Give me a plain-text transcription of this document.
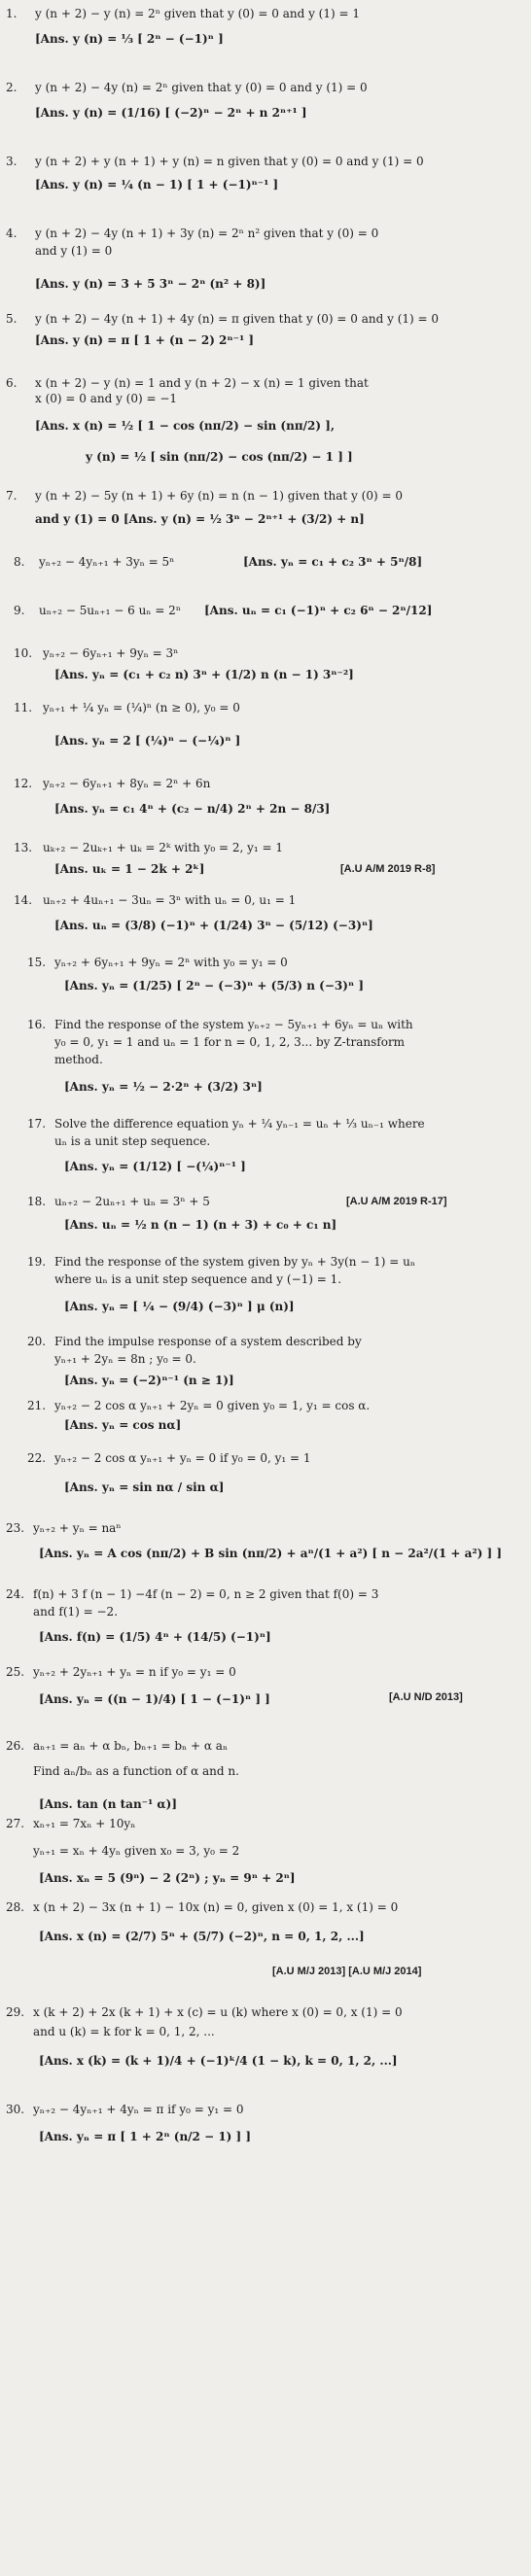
1. y (n + 2) − y (n) = 2ⁿ given that y (0) = 0 and y (1) = 1
[Ans. y (n) = ⅓ [ 2ⁿ − (−1)ⁿ ]
2. y (n + 2) − 4y (n) = 2ⁿ given that y (0) = 0 and y (1) = 0
[Ans. y (n) = (1/16) [ (−2)ⁿ − 2ⁿ + n 2ⁿ⁺¹ ]
3. y (n + 2) + y (n + 1) + y (n) = n given that y (0) = 0 and y (1) = 0
[Ans. y (n) = ¼ (n − 1) [ 1 + (−1)ⁿ⁻¹ ]
4. y (n + 2) − 4y (n + 1) + 3y (n) = 2ⁿ n² given that y (0) = 0
and y (1) = 0
[Ans. y (n) = 3 + 5 3ⁿ − 2ⁿ (n² + 8)]
5. y (n + 2) − 4y (n + 1) + 4y (n) = π given that y (0) = 0 and y (1) = 0
[Ans. y (n) = π [ 1 + (n − 2) 2ⁿ⁻¹ ]
6. x (n + 2) − y (n) = 1 and y (n + 2) − x (n) = 1 given that
x (0) = 0 and y (0) = −1
[Ans. x (n) = ½ [ 1 − cos (nπ/2) − sin (nπ/2) ],
y (n) = ½ [ sin (nπ/2) − cos (nπ/2) − 1 ] ]
7. y (n + 2) − 5y (n + 1) + 6y (n) = n (n − 1) given that y (0) = 0
and y (1) = 0 [Ans. y (n) = ½ 3ⁿ − 2ⁿ⁺¹ + (3/2) + n]
8. yₙ₊₂ − 4yₙ₊₁ + 3yₙ = 5ⁿ	[Ans. yₙ = c₁ + c₂ 3ⁿ + 5ⁿ/8]
9. uₙ₊₂ − 5uₙ₊₁ − 6 uₙ = 2ⁿ [Ans. uₙ = c₁ (−1)ⁿ + c₂ 6ⁿ − 2ⁿ/12]
10. yₙ₊₂ − 6yₙ₊₁ + 9yₙ = 3ⁿ
[Ans. yₙ = (c₁ + c₂ n) 3ⁿ + (1/2) n (n − 1) 3ⁿ⁻²]
11. yₙ₊₁ + ¼ yₙ = (¼)ⁿ (n ≥ 0), y₀ = 0
[Ans. yₙ = 2 [ (¼)ⁿ − (−¼)ⁿ ]
12. yₙ₊₂ − 6yₙ₊₁ + 8yₙ = 2ⁿ + 6n
[Ans. yₙ = c₁ 4ⁿ + (c₂ − n/4) 2ⁿ + 2n − 8/3]
13. uₖ₊₂ − 2uₖ₊₁ + uₖ = 2ᵏ with y₀ = 2, y₁ = 1
[Ans. uₖ = 1 − 2k + 2ᵏ]	[A.U A/M 2019 R-8]
14. uₙ₊₂ + 4uₙ₊₁ − 3uₙ = 3ⁿ with uₙ = 0, u₁ = 1
[Ans. uₙ = (3/8) (−1)ⁿ + (1/24) 3ⁿ − (5/12) (−3)ⁿ]
15. yₙ₊₂ + 6yₙ₊₁ + 9yₙ = 2ⁿ with y₀ = y₁ = 0
[Ans. yₙ = (1/25) [ 2ⁿ − (−3)ⁿ + (5/3) n (−3)ⁿ ]
16. Find the response of the system yₙ₊₂ − 5yₙ₊₁ + 6yₙ = uₙ with
y₀ = 0, y₁ = 1 and uₙ = 1 for n = 0, 1, 2, 3... by Z-transform
method.
[Ans. yₙ = ½ − 2·2ⁿ + (3/2) 3ⁿ]
17. Solve the difference equation yₙ + ¼ yₙ₋₁ = uₙ + ⅓ uₙ₋₁ where
uₙ is a unit step sequence.
[Ans. yₙ = (1/12) [ −(¼)ⁿ⁻¹ ]
18. uₙ₊₂ − 2uₙ₊₁ + uₙ = 3ⁿ + 5	[A.U A/M 2019 R-17]
[Ans. uₙ = ½ n (n − 1) (n + 3) + c₀ + c₁ n]
19. Find the response of the system given by yₙ + 3y(n − 1) = uₙ
where uₙ is a unit step sequence and y (−1) = 1.
[Ans. yₙ = [ ¼ − (9/4) (−3)ⁿ ] μ (n)]
20. Find the impulse response of a system described by
yₙ₊₁ + 2yₙ = 8n ; y₀ = 0.
[Ans. yₙ = (−2)ⁿ⁻¹ (n ≥ 1)]
21. yₙ₊₂ − 2 cos α yₙ₊₁ + 2yₙ = 0 given y₀ = 1, y₁ = cos α.
[Ans. yₙ = cos nα]
22. yₙ₊₂ − 2 cos α yₙ₊₁ + yₙ = 0 if y₀ = 0, y₁ = 1
[Ans. yₙ = sin nα / sin α]
23. yₙ₊₂ + yₙ = naⁿ
[Ans. yₙ = A cos (nπ/2) + B sin (nπ/2) + aⁿ/(1 + a²) [ n − 2a²/(1 + a²) ] ]
24. f(n) + 3 f (n − 1) −4f (n − 2) = 0, n ≥ 2 given that f(0) = 3
and f(1) = −2.
[Ans. f(n) = (1/5) 4ⁿ + (14/5) (−1)ⁿ]
25. yₙ₊₂ + 2yₙ₊₁ + yₙ = n if y₀ = y₁ = 0
[Ans. yₙ = ((n − 1)/4) [ 1 − (−1)ⁿ ] ]	[A.U N/D 2013]
26. aₙ₊₁ = aₙ + α bₙ, bₙ₊₁ = bₙ + α aₙ
Find aₙ/bₙ as a function of α and n.
[Ans. tan (n tan⁻¹ α)]
27. xₙ₊₁ = 7xₙ + 10yₙ
yₙ₊₁ = xₙ + 4yₙ given x₀ = 3, y₀ = 2
[Ans. xₙ = 5 (9ⁿ) − 2 (2ⁿ) ; yₙ = 9ⁿ + 2ⁿ]
28. x (n + 2) − 3x (n + 1) − 10x (n) = 0, given x (0) = 1, x (1) = 0
[Ans. x (n) = (2/7) 5ⁿ + (5/7) (−2)ⁿ, n = 0, 1, 2, ...]
[A.U M/J 2013] [A.U M/J 2014]
29. x (k + 2) + 2x (k + 1) + x (c) = u (k) where x (0) = 0, x (1) = 0
and u (k) = k for k = 0, 1, 2, ...
[Ans. x (k) = (k + 1)/4 + (−1)ᵏ/4 (1 − k), k = 0, 1, 2, ...]
30. yₙ₊₂ − 4yₙ₊₁ + 4yₙ = π if y₀ = y₁ = 0
[Ans. yₙ = π [ 1 + 2ⁿ (n/2 − 1) ] ]
